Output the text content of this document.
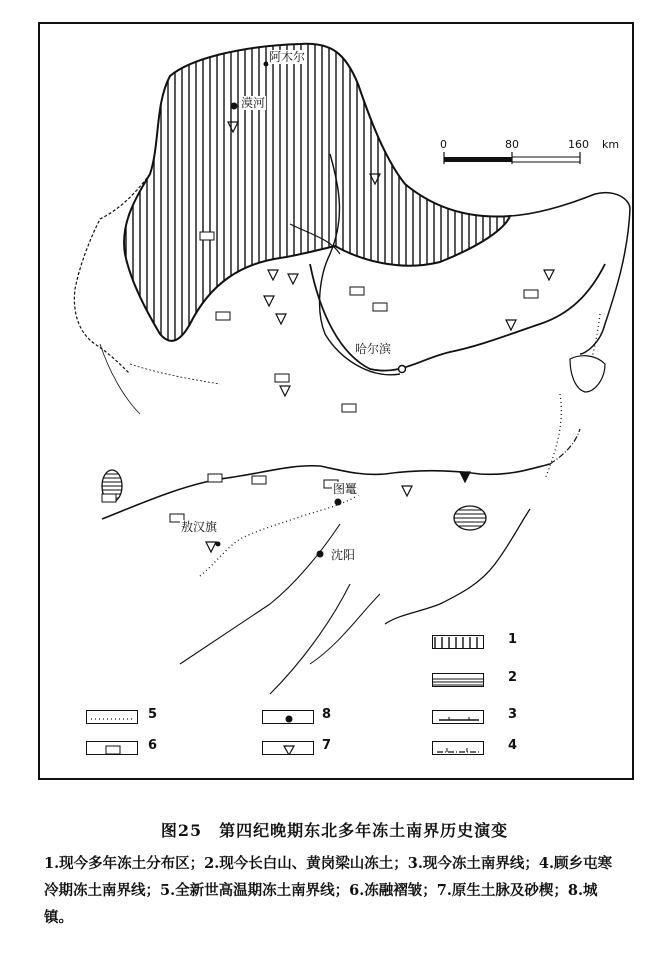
阿木尔
漠河
哈尔滨
图鼍
敖汉旗
沈阳
0	80	160 km
1
2
3
4
5
6
8
7
图25　第四纪晚期东北多年冻土南界历史演变
1.现今多年冻土分布区；2.现今长白山、黄岗梁山冻土；3.现今冻土南界线；4.顾乡屯寒冷期冻土南界线；5.全新世高温期冻土南界线；6.冻融褶皱；7.原生土脉及砂楔；8.城镇。
